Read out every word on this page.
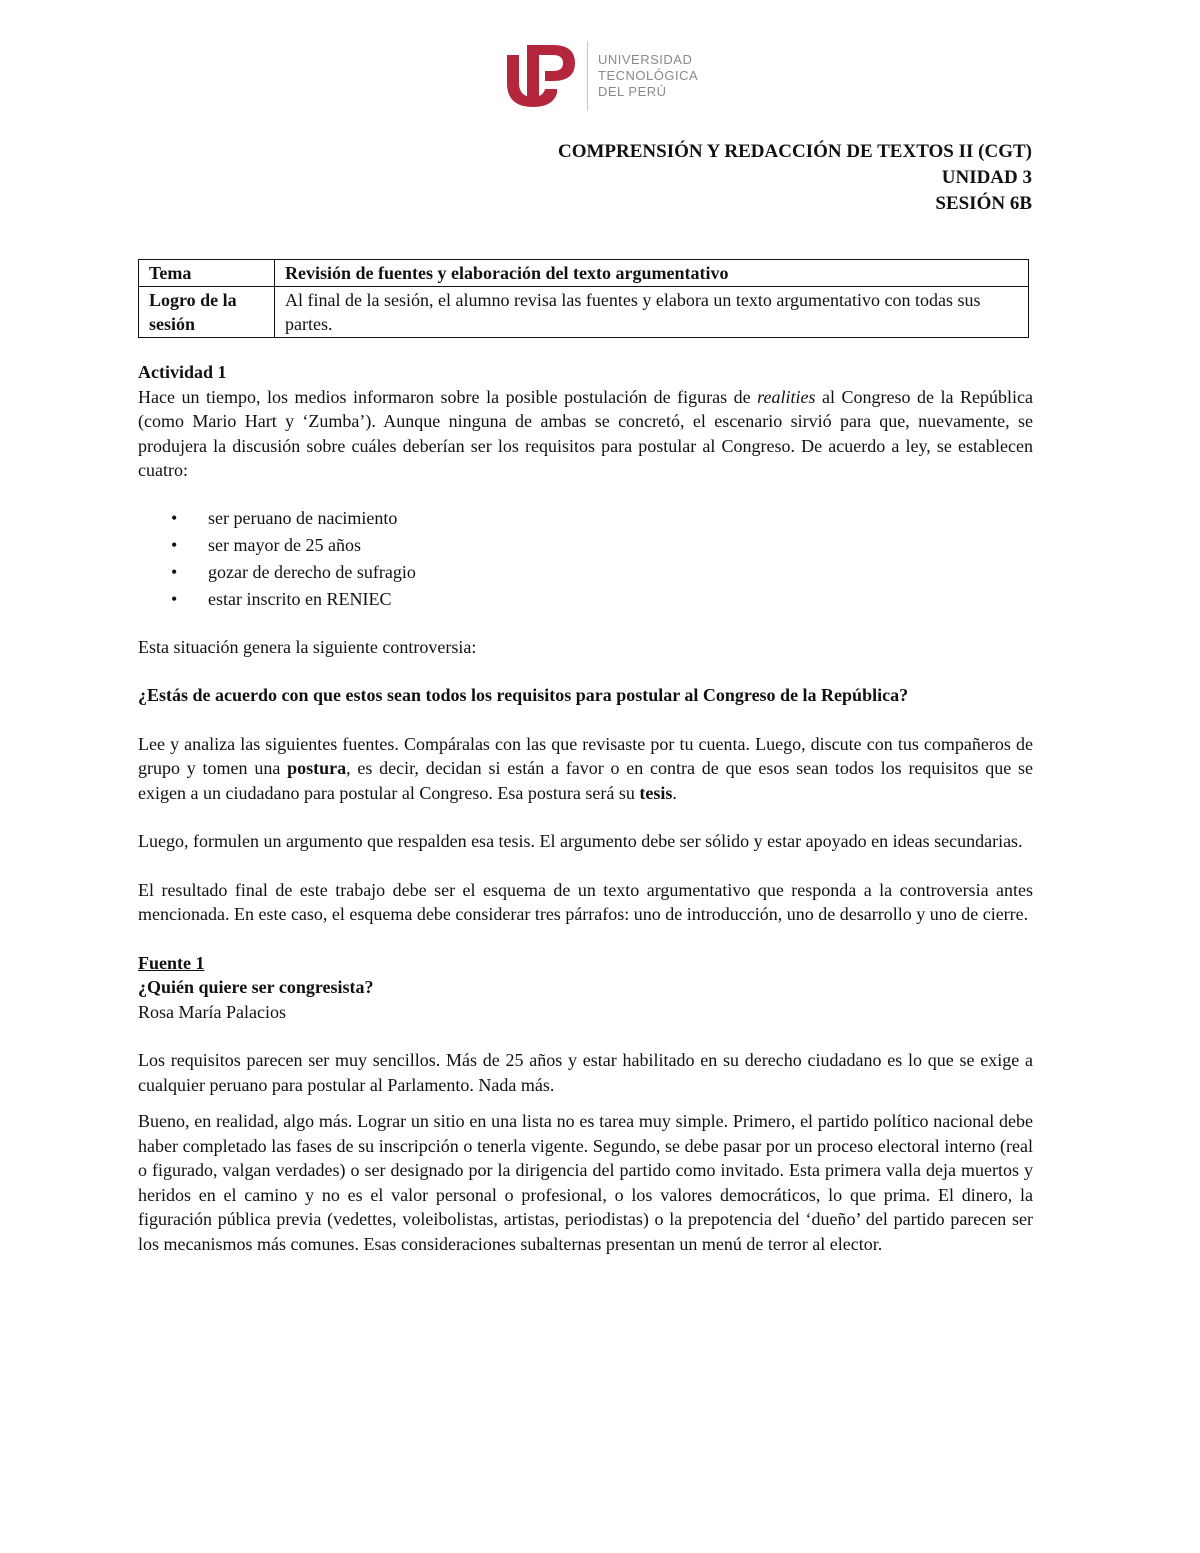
UNIVERSIDAD
TECNOLÓGICA
DEL PERÚ
COMPRENSIÓN Y REDACCIÓN DE TEXTOS II (CGT)
UNIDAD 3
SESIÓN 6B
Tema	Revisión de fuentes y elaboración del texto argumentativo
Logro de la sesión	Al final de la sesión, el alumno revisa las fuentes y elabora un texto argumentativo con todas sus partes.

Actividad 1

Hace un tiempo, los medios informaron sobre la posible postulación de figuras de realities al Congreso de la República (como Mario Hart y ‘Zumba’). Aunque ninguna de ambas se concretó, el escenario sirvió para que, nuevamente, se produjera la discusión sobre cuáles deberían ser los requisitos para postular al Congreso. De acuerdo a ley, se establecen cuatro:

• ser peruano de nacimiento
• ser mayor de 25 años
• gozar de derecho de sufragio
• estar inscrito en RENIEC

Esta situación genera la siguiente controversia:

¿Estás de acuerdo con que estos sean todos los requisitos para postular al Congreso de la República?

Lee y analiza las siguientes fuentes. Compáralas con las que revisaste por tu cuenta. Luego, discute con tus compañeros de grupo y tomen una postura, es decir, decidan si están a favor o en contra de que esos sean todos los requisitos que se exigen a un ciudadano para postular al Congreso. Esa postura será su tesis.

Luego, formulen un argumento que respalden esa tesis. El argumento debe ser sólido y estar apoyado en ideas secundarias.

El resultado final de este trabajo debe ser el esquema de un texto argumentativo que responda a la controversia antes mencionada. En este caso, el esquema debe considerar tres párrafos: uno de introducción, uno de desarrollo y uno de cierre.

Fuente 1

¿Quién quiere ser congresista?

Rosa María Palacios

Los requisitos parecen ser muy sencillos. Más de 25 años y estar habilitado en su derecho ciudadano es lo que se exige a cualquier peruano para postular al Parlamento. Nada más.

Bueno, en realidad, algo más. Lograr un sitio en una lista no es tarea muy simple. Primero, el partido político nacional debe haber completado las fases de su inscripción o tenerla vigente. Segundo, se debe pasar por un proceso electoral interno (real o figurado, valgan verdades) o ser designado por la dirigencia del partido como invitado. Esta primera valla deja muertos y heridos en el camino y no es el valor personal o profesional, o los valores democráticos, lo que prima. El dinero, la figuración pública previa (vedettes, voleibolistas, artistas, periodistas) o la prepotencia del ‘dueño’ del partido parecen ser los mecanismos más comunes. Esas consideraciones subalternas presentan un menú de terror al elector.
